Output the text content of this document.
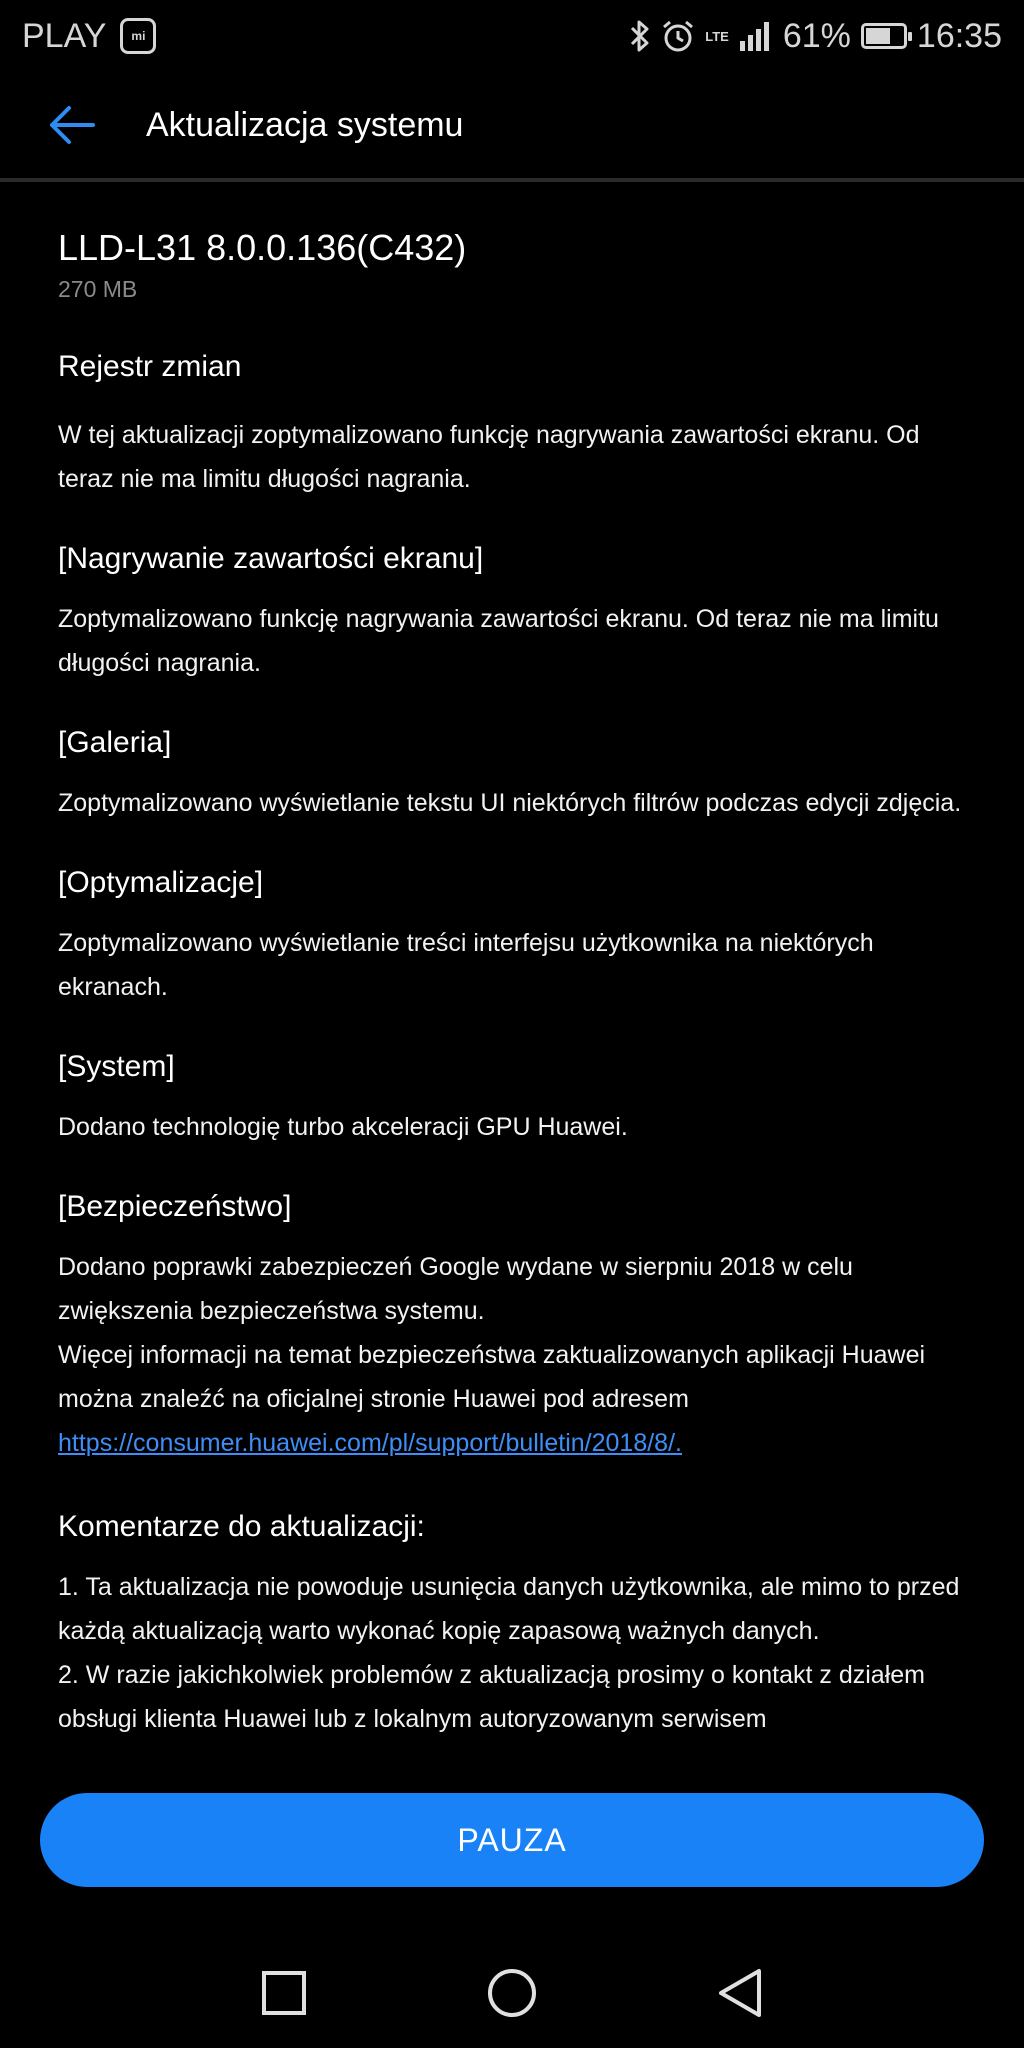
PLAY	mi	LTE 61% 16:35
Aktualizacja systemu
LLD-L31 8.0.0.136(C432)
270 MB
Rejestr zmian
W tej aktualizacji zoptymalizowano funkcję nagrywania zawartości ekranu. Od teraz nie ma limitu długości nagrania.
[Nagrywanie zawartości ekranu]
Zoptymalizowano funkcję nagrywania zawartości ekranu. Od teraz nie ma limitu długości nagrania.
[Galeria]
Zoptymalizowano wyświetlanie tekstu UI niektórych filtrów podczas edycji zdjęcia.
[Optymalizacje]
Zoptymalizowano wyświetlanie treści interfejsu użytkownika na niektórych ekranach.
[System]
Dodano technologię turbo akceleracji GPU Huawei.
[Bezpieczeństwo]
Dodano poprawki zabezpieczeń Google wydane w sierpniu 2018 w celu zwiększenia bezpieczeństwa systemu.
Więcej informacji na temat bezpieczeństwa zaktualizowanych aplikacji Huawei można znaleźć na oficjalnej stronie Huawei pod adresem
https://consumer.huawei.com/pl/support/bulletin/2018/8/.
Komentarze do aktualizacji:
1. Ta aktualizacja nie powoduje usunięcia danych użytkownika, ale mimo to przed każdą aktualizacją warto wykonać kopię zapasową ważnych danych.
2. W razie jakichkolwiek problemów z aktualizacją prosimy o kontakt z działem obsługi klienta Huawei lub z lokalnym autoryzowanym serwisem
PAUZA
